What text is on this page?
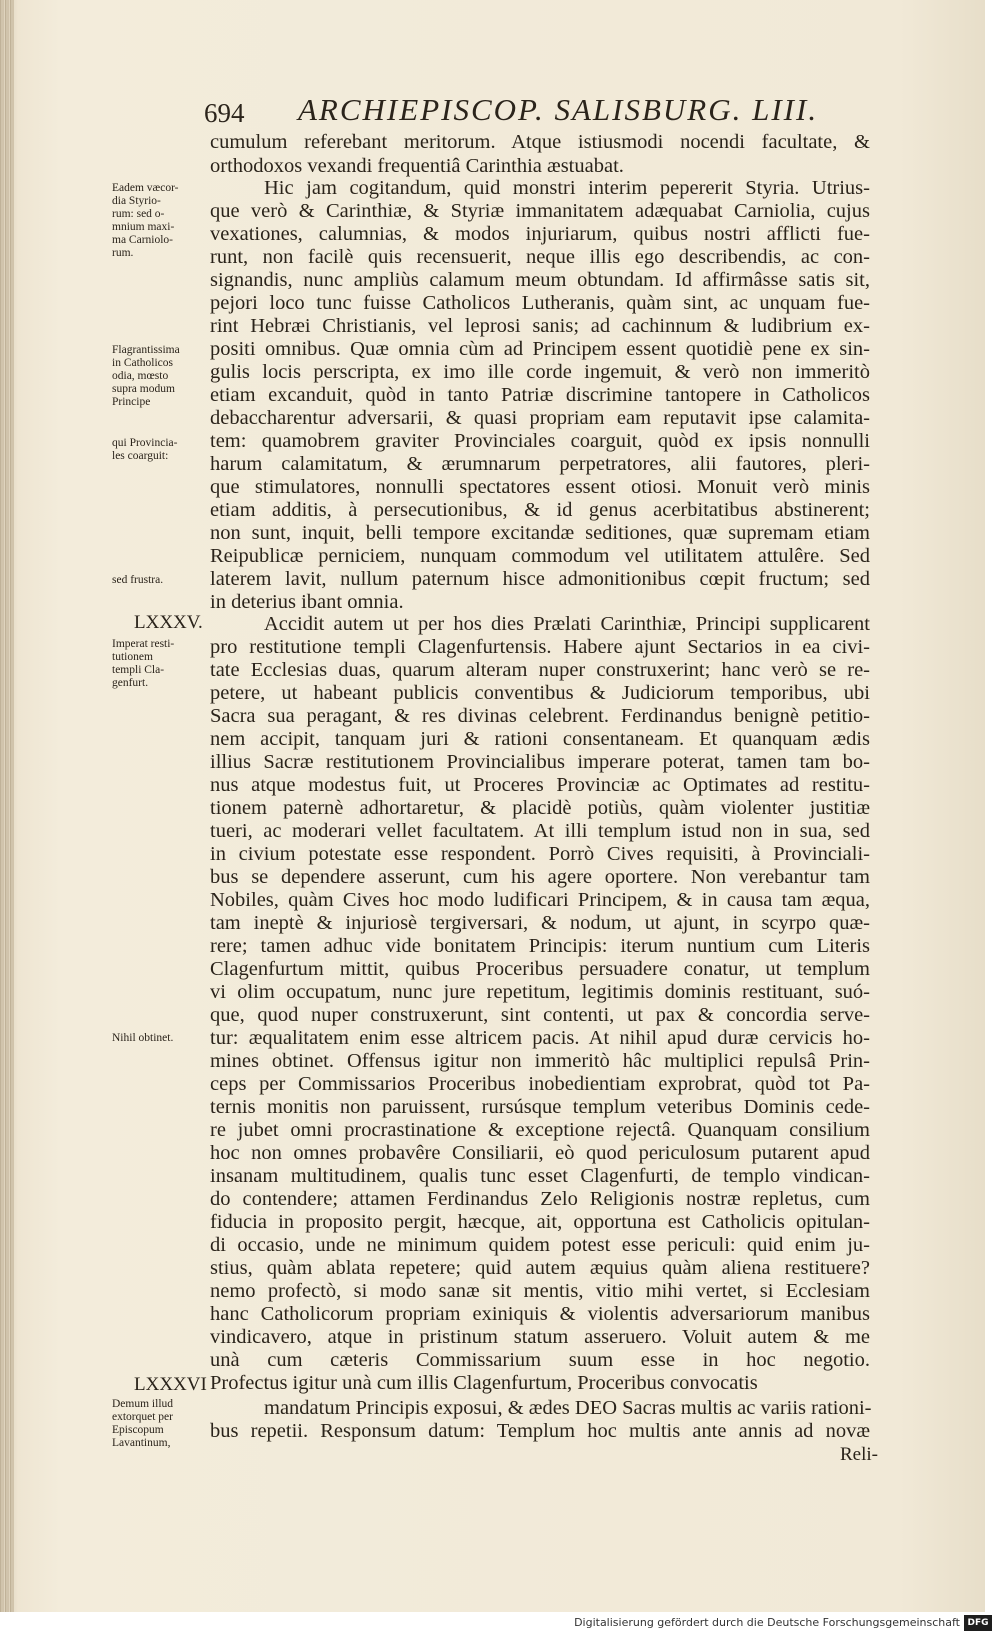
694 ARCHIEPISCOP. SALISBURG. LIII.
cumulum referebant meritorum. Atque istiusmodi nocendi facultate, &
orthodoxos vexandi frequentiâ Carinthia æstuabat.
Hic jam cogitandum, quid monstri interim pepererit Styria. Utrius-
que verò & Carinthiæ, & Styriæ immanitatem adæquabat Carniolia, cujus
vexationes, calumnias, & modos injuriarum, quibus nostri afflicti fue-
runt, non facilè quis recensuerit, neque illis ego describendis, ac con-
signandis, nunc ampliùs calamum meum obtundam. Id affirmâsse satis sit,
pejori loco tunc fuisse Catholicos Lutheranis, quàm sint, ac unquam fue-
rint Hebræi Christianis, vel leprosi sanis; ad cachinnum & ludibrium ex-
positi omnibus. Quæ omnia cùm ad Principem essent quotidiè pene ex sin-
gulis locis perscripta, ex imo ille corde ingemuit, & verò non immeritò
etiam excanduit, quòd in tanto Patriæ discrimine tantopere in Catholicos
debaccharentur adversarii, & quasi propriam eam reputavit ipse calamita-
tem: quamobrem graviter Provinciales coarguit, quòd ex ipsis nonnulli
harum calamitatum, & ærumnarum perpetratores, alii fautores, pleri-
que stimulatores, nonnulli spectatores essent otiosi. Monuit verò minis
etiam additis, à persecutionibus, & id genus acerbitatibus abstinerent;
non sunt, inquit, belli tempore excitandæ seditiones, quæ supremam etiam
Reipublicæ perniciem, nunquam commodum vel utilitatem attulêre. Sed
laterem lavit, nullum paternum hisce admonitionibus cœpit fructum; sed
in deterius ibant omnia.
Accidit autem ut per hos dies Prælati Carinthiæ, Principi supplicarent
pro restitutione templi Clagenfurtensis. Habere ajunt Sectarios in ea civi-
tate Ecclesias duas, quarum alteram nuper construxerint; hanc verò se re-
petere, ut habeant publicis conventibus & Judiciorum temporibus, ubi
Sacra sua peragant, & res divinas celebrent. Ferdinandus benignè petitio-
nem accipit, tanquam juri & rationi consentaneam. Et quanquam ædis
illius Sacræ restitutionem Provincialibus imperare poterat, tamen tam bo-
nus atque modestus fuit, ut Proceres Provinciæ ac Optimates ad restitu-
tionem paternè adhortaretur, & placidè potiùs, quàm violenter justitiæ
tueri, ac moderari vellet facultatem. At illi templum istud non in sua, sed
in civium potestate esse respondent. Porrò Cives requisiti, à Provinciali-
bus se dependere asserunt, cum his agere oportere. Non verebantur tam
Nobiles, quàm Cives hoc modo ludificari Principem, & in causa tam æqua,
tam ineptè & injuriosè tergiversari, & nodum, ut ajunt, in scyrpo quæ-
rere; tamen adhuc vide bonitatem Principis: iterum nuntium cum Literis
Clagenfurtum mittit, quibus Proceribus persuadere conatur, ut templum
vi olim occupatum, nunc jure repetitum, legitimis dominis restituant, suó-
que, quod nuper construxerunt, sint contenti, ut pax & concordia serve-
tur: æqualitatem enim esse altricem pacis. At nihil apud duræ cervicis ho-
mines obtinet. Offensus igitur non immeritò hâc multiplici repulsâ Prin-
ceps per Commissarios Proceribus inobedientiam exprobrat, quòd tot Pa-
ternis monitis non paruissent, rursúsque templum veteribus Dominis cede-
re jubet omni procrastinatione & exceptione rejectâ. Quanquam consilium
hoc non omnes probavêre Consiliarii, eò quod periculosum putarent apud
insanam multitudinem, qualis tunc esset Clagenfurti, de templo vindican-
do contendere; attamen Ferdinandus Zelo Religionis nostræ repletus, cum
fiducia in proposito pergit, hæcque, ait, opportuna est Catholicis opitulan-
di occasio, unde ne minimum quidem potest esse periculi: quid enim ju-
stius, quàm ablata repetere; quid autem æquius quàm aliena restituere?
nemo profectò, si modo sanæ sit mentis, vitio mihi vertet, si Ecclesiam
hanc Catholicorum propriam exiniquis & violentis adversariorum manibus
vindicavero, atque in pristinum statum asseruero. Voluit autem & me
unà cum cæteris Commissarium suum esse in hoc negotio.
Profectus igitur unà cum illis Clagenfurtum, Proceribus convocatis
mandatum Principis exposui, & ædes DEO Sacras multis ac variis rationi-
bus repetii. Responsum datum: Templum hoc multis ante annis ad novæ
Eadem væcor-
dia Styrio-
rum: sed o-
mnium maxi-
ma Carniolo-
rum.
Flagrantissima
in Catholicos
odia, mœsto
supra modum
Principe
qui Provincia-
les coarguit:
sed frustra.
Imperat resti-
tutionem
templi Cla-
genfurt.
Nihil obtinet.
Demum illud
extorquet per
Episcopum
Lavantinum,
LXXXV.
LXXXVI
Reli-
Digitalisierung gefördert durch die Deutsche Forschungsgemeinschaft DFG
